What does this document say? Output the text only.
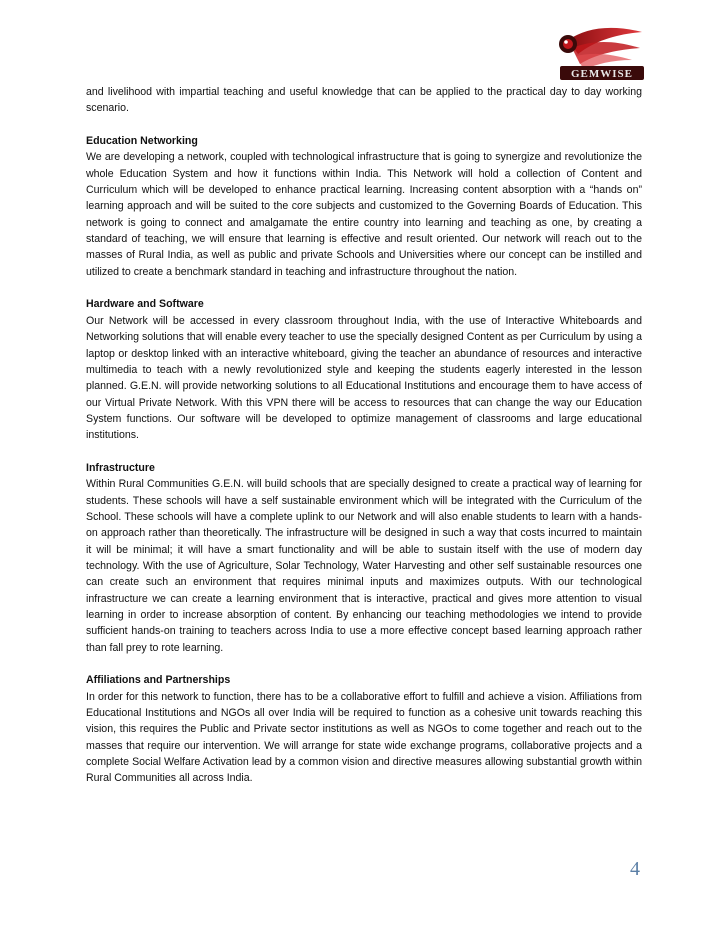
GEMWISE

and livelihood with impartial teaching and useful knowledge that can be applied to the practical day to day working scenario.

Education Networking

We are developing a network, coupled with technological infrastructure that is going to synergize and revolutionize the whole Education System and how it functions within India. This Network will hold a collection of Content and Curriculum which will be developed to enhance practical learning. Increasing content absorption with a “hands on” learning approach and will be suited to the core subjects and customized to the Governing Boards of Education. This network is going to connect and amalgamate the entire country into learning and teaching as one, by creating a standard of teaching, we will ensure that learning is effective and result oriented. Our network will reach out to the masses of Rural India, as well as public and private Schools and Universities where our concept can be instilled and utilized to create a benchmark standard in teaching and infrastructure throughout the nation.

Hardware and Software

Our Network will be accessed in every classroom throughout India, with the use of Interactive Whiteboards and Networking solutions that will enable every teacher to use the specially designed Content as per Curriculum by using a laptop or desktop linked with an interactive whiteboard, giving the teacher an abundance of resources and interactive multimedia to teach with a newly revolutionized style and keeping the students eagerly interested in the lesson planned. G.E.N. will provide networking solutions to all Educational Institutions and encourage them to have access of our Virtual Private Network. With this VPN there will be access to resources that can change the way our Education System functions. Our software will be developed to optimize management of classrooms and large educational institutions.

Infrastructure

Within Rural Communities G.E.N. will build schools that are specially designed to create a practical way of learning for students. These schools will have a self sustainable environment which will be integrated with the Curriculum of the School. These schools will have a complete uplink to our Network and will also enable students to learn with a hands-on approach rather than theoretically. The infrastructure will be designed in such a way that costs incurred to maintain it will be minimal; it will have a smart functionality and will be able to sustain itself with the use of modern day technology. With the use of Agriculture, Solar Technology, Water Harvesting and other self sustainable resources one can create such an environment that requires minimal inputs and maximizes outputs. With our technological infrastructure we can create a learning environment that is interactive, practical and gives more attention to visual learning in order to increase absorption of content. By enhancing our teaching methodologies we intend to provide sufficient hands-on training to teachers across India to use a more effective concept based learning approach rather than fall prey to rote learning.

Affiliations and Partnerships

In order for this network to function, there has to be a collaborative effort to fulfill and achieve a vision. Affiliations from Educational Institutions and NGOs all over India will be required to function as a cohesive unit towards reaching this vision, this requires the Public and Private sector institutions as well as NGOs to come together and reach out to the masses that require our intervention. We will arrange for state wide exchange programs, collaborative projects and a complete Social Welfare Activation lead by a common vision and directive measures allowing substantial growth within Rural Communities all across India.

4
